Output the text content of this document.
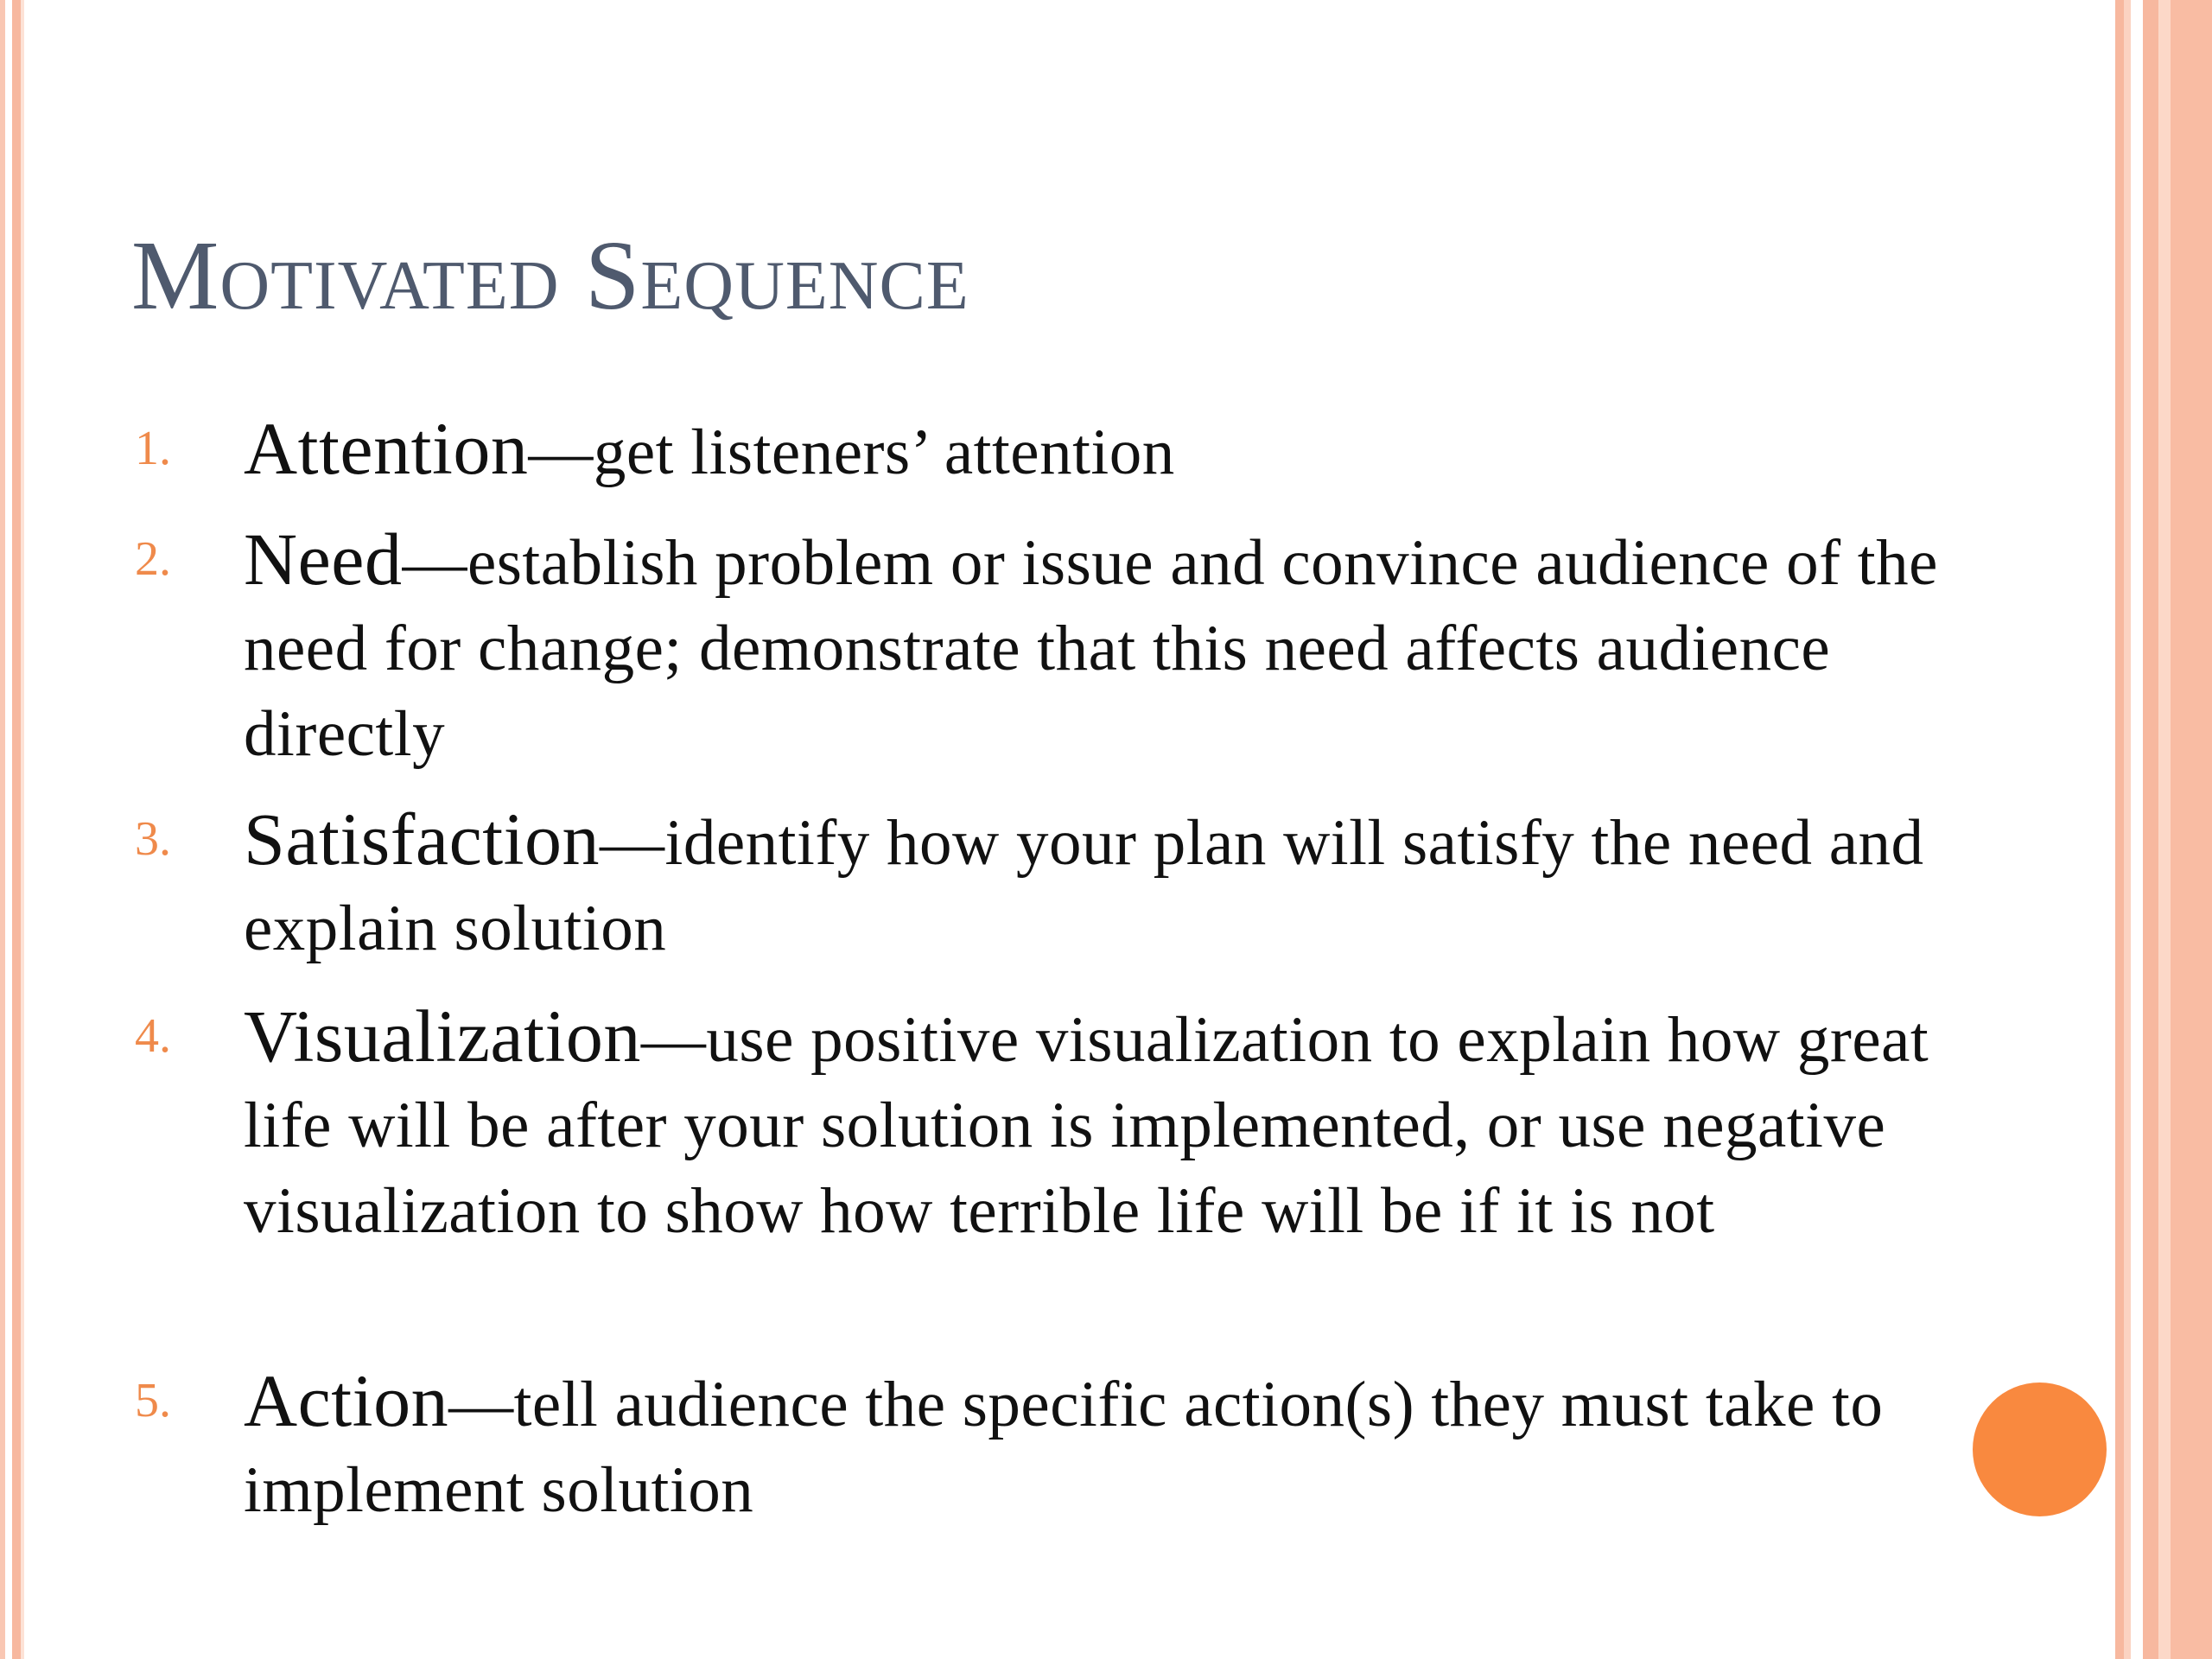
Motivated Sequence
1. Attention—get listeners’ attention
2. Need—establish problem or issue and convince audience of the need for change; demonstrate that this need affects audience directly
3. Satisfaction—identify how your plan will satisfy the need and explain solution
4. Visualization—use positive visualization to explain how great life will be after your solution is implemented, or use negative visualization to show how terrible life will be if it is not
5. Action—tell audience the specific action(s) they must take to implement solution
